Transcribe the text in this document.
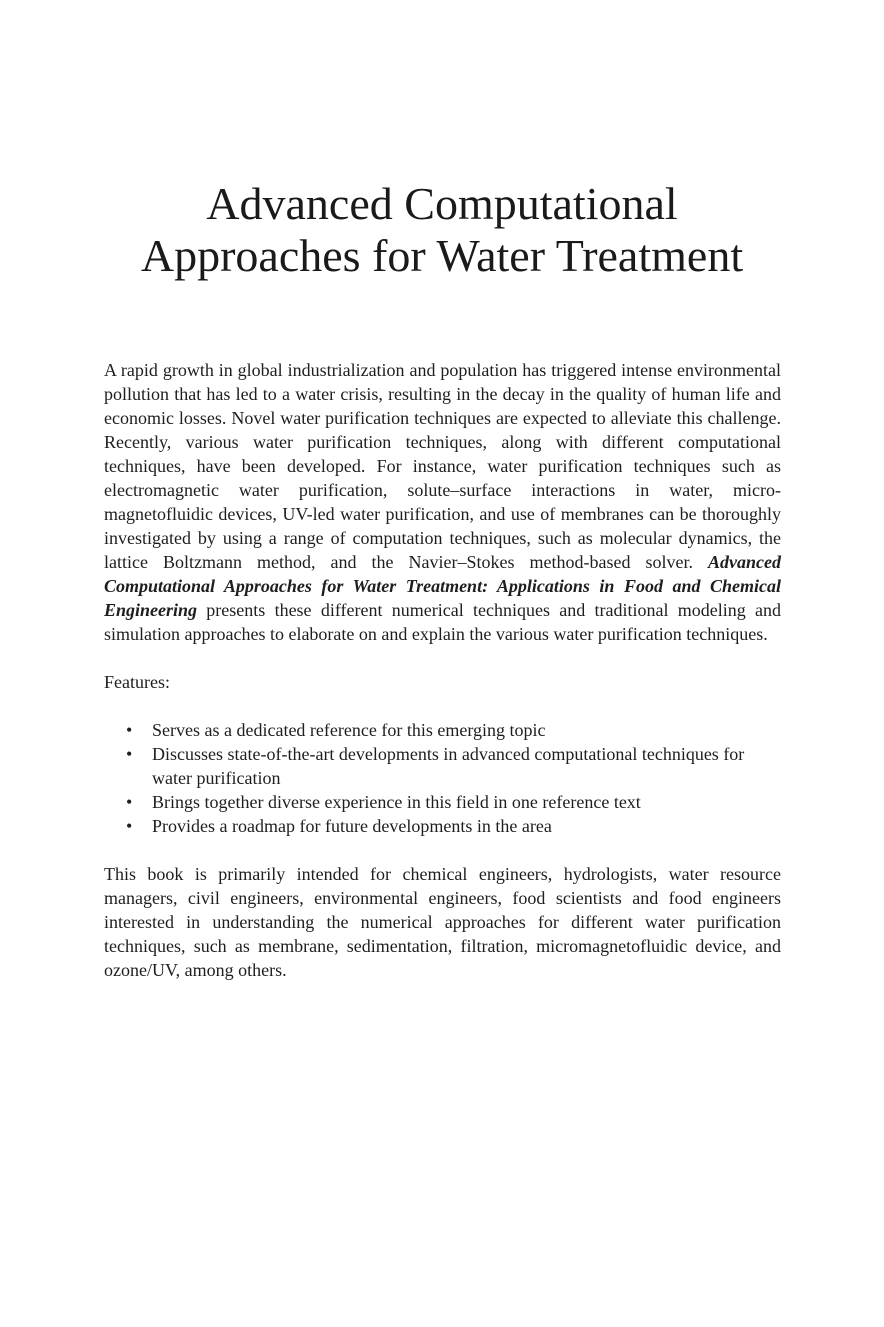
Advanced Computational
Approaches for Water Treatment

A rapid growth in global industrialization and population has triggered intense environmental pollution that has led to a water crisis, resulting in the decay in the quality of human life and economic losses. Novel water purification techniques are expected to alleviate this challenge. Recently, various water purification techniques, along with different computational techniques, have been developed. For instance, water purification techniques such as electromagnetic water purification, solute–surface interactions in water, micro-magnetofluidic devices, UV-led water purification, and use of membranes can be thoroughly investigated by using a range of computation techniques, such as molecular dynamics, the lattice Boltzmann method, and the Navier–Stokes method-based solver. Advanced Computational Approaches for Water Treatment: Applications in Food and Chemical Engineering presents these different numerical techniques and traditional modeling and simulation approaches to elaborate on and explain the various water purification techniques.

Features:

• Serves as a dedicated reference for this emerging topic
• Discusses state-of-the-art developments in advanced computational techniques for water purification
• Brings together diverse experience in this field in one reference text
• Provides a roadmap for future developments in the area

This book is primarily intended for chemical engineers, hydrologists, water resource managers, civil engineers, environmental engineers, food scientists and food engineers interested in understanding the numerical approaches for different water purification techniques, such as membrane, sedimentation, filtration, micromagnetofluidic device, and ozone/UV, among others.
